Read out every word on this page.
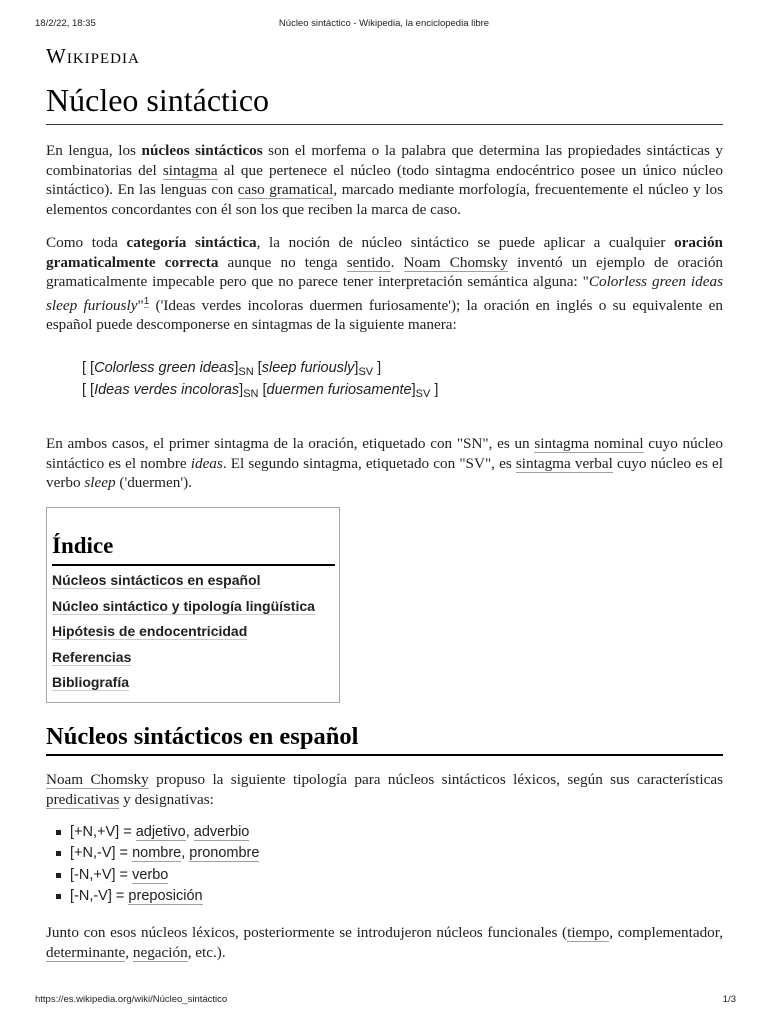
18/2/22, 18:35	Núcleo sintáctico - Wikipedia, la enciclopedia libre
Wikipedia
Núcleo sintáctico

En lengua, los núcleos sintácticos son el morfema o la palabra que determina las propiedades sintácticas y combinatorias del sintagma al que pertenece el núcleo (todo sintagma endocéntrico posee un único núcleo sintáctico). En las lenguas con caso gramatical, marcado mediante morfología, frecuentemente el núcleo y los elementos concordantes con él son los que reciben la marca de caso.

Como toda categoría sintáctica, la noción de núcleo sintáctico se puede aplicar a cualquier oración gramaticalmente correcta aunque no tenga sentido. Noam Chomsky inventó un ejemplo de oración gramaticalmente impecable pero que no parece tener interpretación semántica alguna: "Colorless green ideas sleep furiously"$^1$ ('Ideas verdes incoloras duermen furiosamente'); la oración en inglés o su equivalente en español puede descomponerse en sintagmas de la siguiente manera:

[ [Colorless green $ideas]_{SN}$ [sleep $furiously]_{SV}$ ]
[ [Ideas verdes $incoloras]_{SN}$ [duermen $furiosamente]_{SV}$ ]

En ambos casos, el primer sintagma de la oración, etiquetado con "SN", es un sintagma nominal cuyo núcleo sintáctico es el nombre ideas. El segundo sintagma, etiquetado con "SV", es sintagma verbal cuyo núcleo es el verbo sleep ('duermen').

Índice
Núcleos sintácticos en español
Núcleo sintáctico y tipología lingüística
Hipótesis de endocentricidad
Referencias
Bibliografía
Núcleos sintácticos en español

Noam Chomsky propuso la siguiente tipología para núcleos sintácticos léxicos, según sus características predicativas y designativas:

[+N,+V] = adjetivo, adverbio
[+N,-V] = nombre, pronombre
[-N,+V] = verbo
[-N,-V] = preposición

Junto con esos núcleos léxicos, posteriormente se introdujeron núcleos funcionales (tiempo, complementador, determinante, negación, etc.).

https://es.wikipedia.org/wiki/Núcleo_sintáctico	1/3
